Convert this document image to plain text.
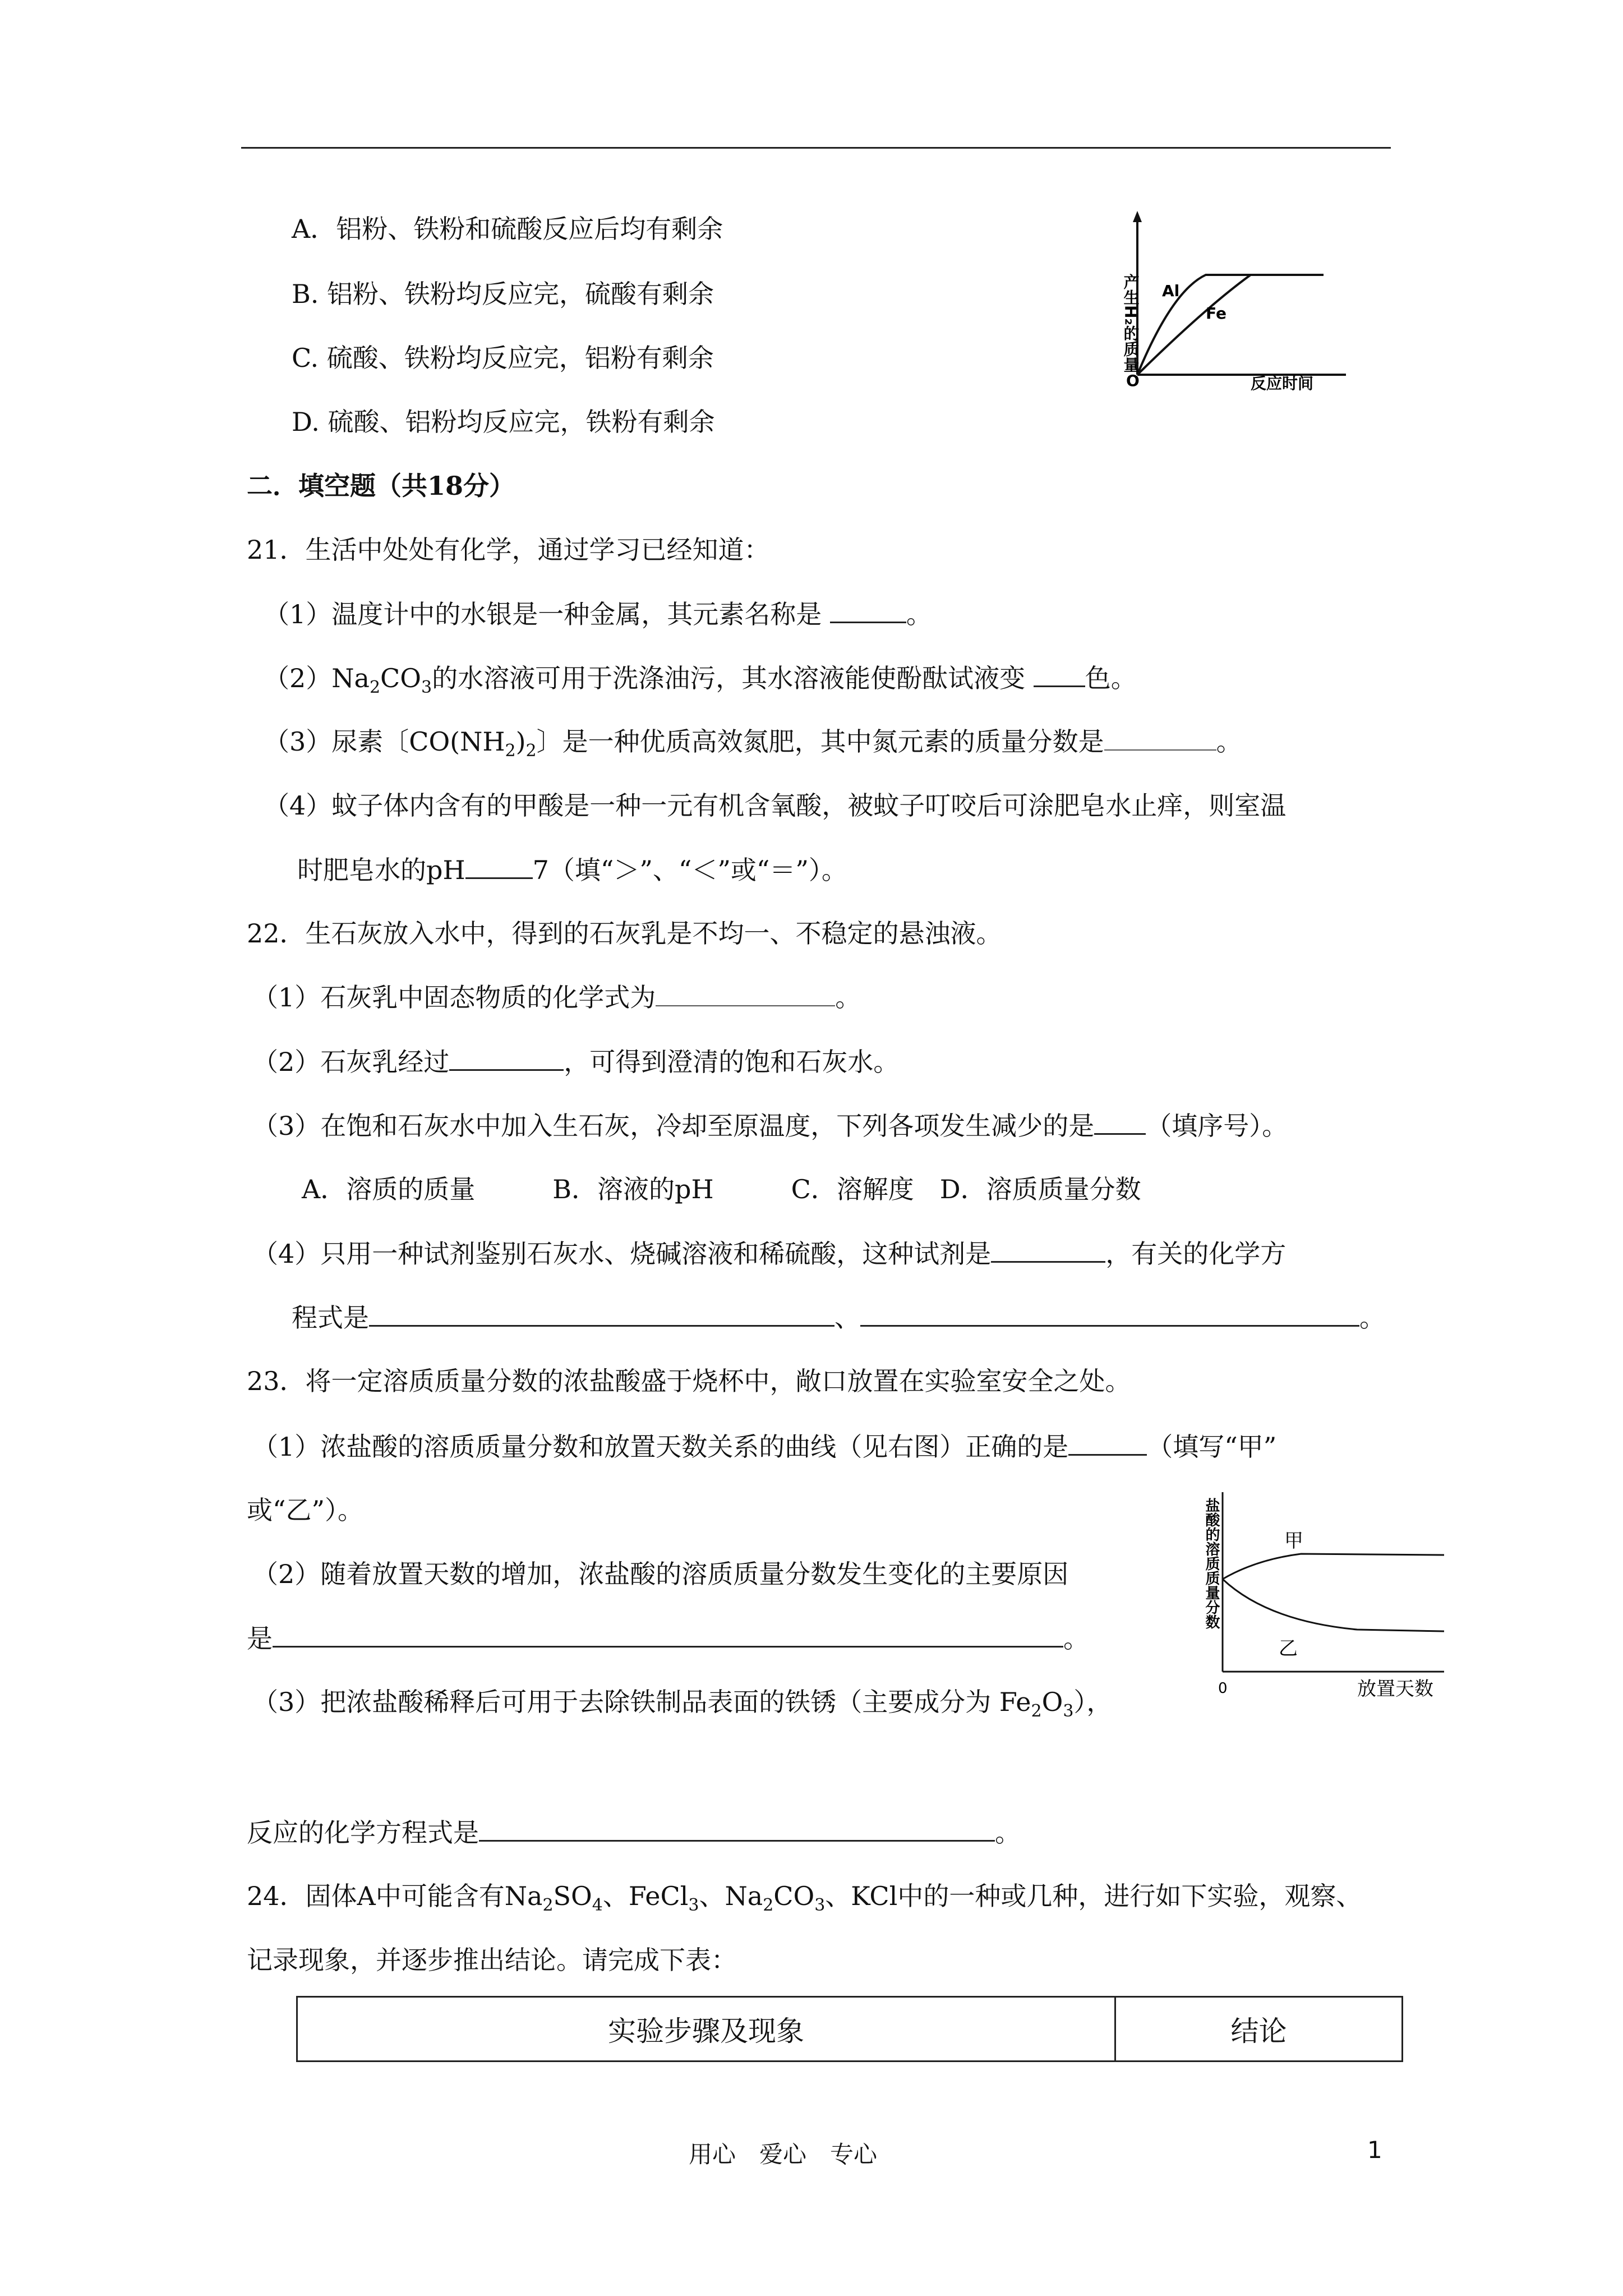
A．铝粉、铁粉和硫酸反应后均有剩余
B. 铝粉、铁粉均反应完，硫酸有剩余
C. 硫酸、铁粉均反应完，铝粉有剩余
D. 硫酸、铝粉均反应完，铁粉有剩余
产生H₂的质量 Al
Fe
O	反应时间
二．填空题（共18分）
21．生活中处处有化学，通过学习已经知道：
（1）温度计中的水银是一种金属，其元素名称是	。
$(2)Na_2CO_3$的水溶液可用于洗涤油污，其水溶液能使酚酞试液变 色。
（3）尿素〔$CO(NH_2)_2$〕是一种优质高效氮肥，其中氮元素的质量分数是	。
（4）蚊子体内含有的甲酸是一种一元有机含氧酸，被蚊子叮咬后可涂肥皂水止痒，则室温
时肥皂水的pH	7（填“＞”、“＜”或“＝”）。
22．生石灰放入水中，得到的石灰乳是不均一、不稳定的悬浊液。
（1）石灰乳中固态物质的化学式为	。
（2）石灰乳经过	，可得到澄清的饱和石灰水。
（3）在饱和石灰水中加入生石灰，冷却至原温度，下列各项发生减少的是 （填序号）。
A．溶质的质量　　　B．溶液的pH　　　C．溶解度　D．溶质质量分数
（4）只用一种试剂鉴别石灰水、烧碱溶液和稀硫酸，这种试剂是	，有关的化学方
程式是	、	。
23．将一定溶质质量分数的浓盐酸盛于烧杯中，敞口放置在实验室安全之处。
（1）浓盐酸的溶质质量分数和放置天数关系的曲线（见右图）正确的是	（填写“甲”
或“乙”）。
（2）随着放置天数的增加，浓盐酸的溶质质量分数发生变化的主要原因
是	。
（3）把浓盐酸稀释后可用于去除铁制品表面的铁锈（主要成分为 $Fe_2O_3$），
反应的化学方程式是	。
盐酸的溶质质量分数	甲
乙
0	放置天数
24．固体A中可能含有$Na_2SO_4$、FeCl$_3$、$Na_2CO_3$、KCl中的一种或几种，进行如下实验，观察、
记录现象，并逐步推出结论。请完成下表：
实验步骤及现象	结论
用心　爱心　专心	1
